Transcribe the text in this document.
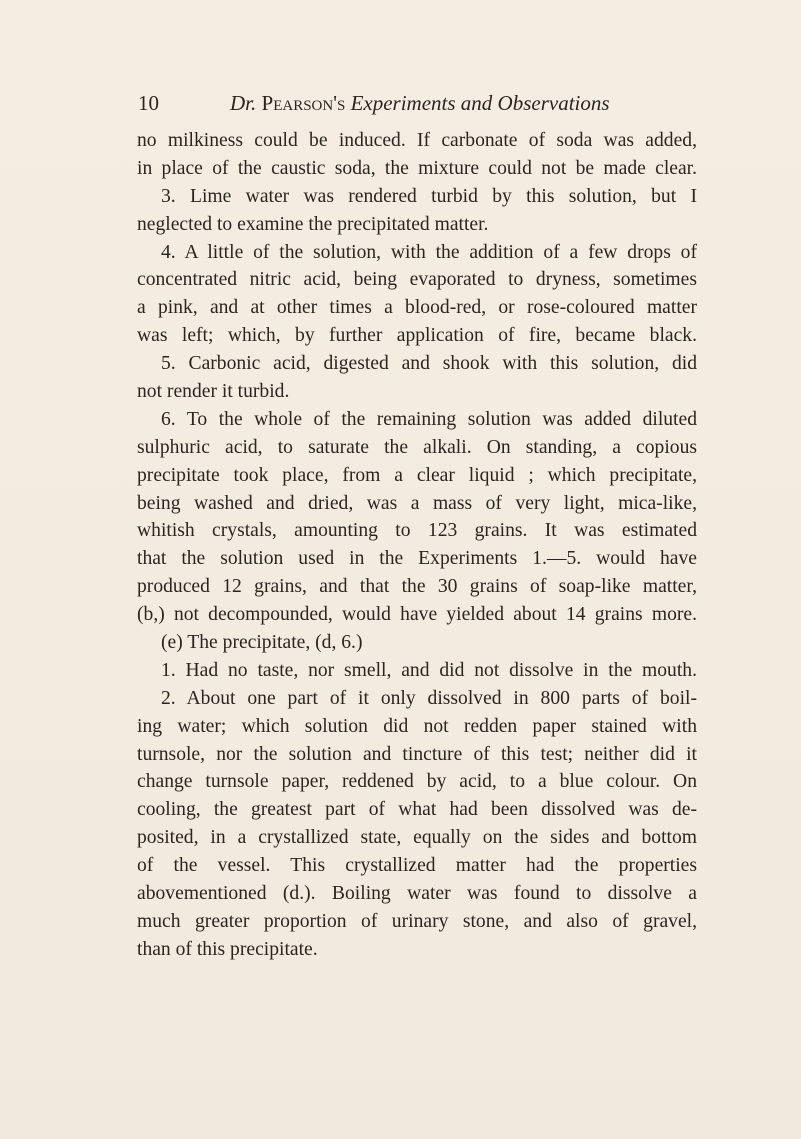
10	Dr. Pearson's Experiments and Observations
no milkiness could be induced. If carbonate of soda was added,
in place of the caustic soda, the mixture could not be made clear.
3. Lime water was rendered turbid by this solution, but I
neglected to examine the precipitated matter.
4. A little of the solution, with the addition of a few drops of
concentrated nitric acid, being evaporated to dryness, sometimes
a pink, and at other times a blood-red, or rose-coloured matter
was left; which, by further application of fire, became black.
5. Carbonic acid, digested and shook with this solution, did
not render it turbid.
6. To the whole of the remaining solution was added diluted
sulphuric acid, to saturate the alkali. On standing, a copious
precipitate took place, from a clear liquid ; which precipitate,
being washed and dried, was a mass of very light, mica-like,
whitish crystals, amounting to 123 grains. It was estimated
that the solution used in the Experiments 1.—5. would have
produced 12 grains, and that the 30 grains of soap-like matter,
(b,) not decompounded, would have yielded about 14 grains more.
(e) The precipitate, (d, 6.)
1. Had no taste, nor smell, and did not dissolve in the mouth.
2. About one part of it only dissolved in 800 parts of boil-
ing water; which solution did not redden paper stained with
turnsole, nor the solution and tincture of this test; neither did it
change turnsole paper, reddened by acid, to a blue colour. On
cooling, the greatest part of what had been dissolved was de-
posited, in a crystallized state, equally on the sides and bottom
of the vessel. This crystallized matter had the properties
abovementioned (d.). Boiling water was found to dissolve a
much greater proportion of urinary stone, and also of gravel,
than of this precipitate.
